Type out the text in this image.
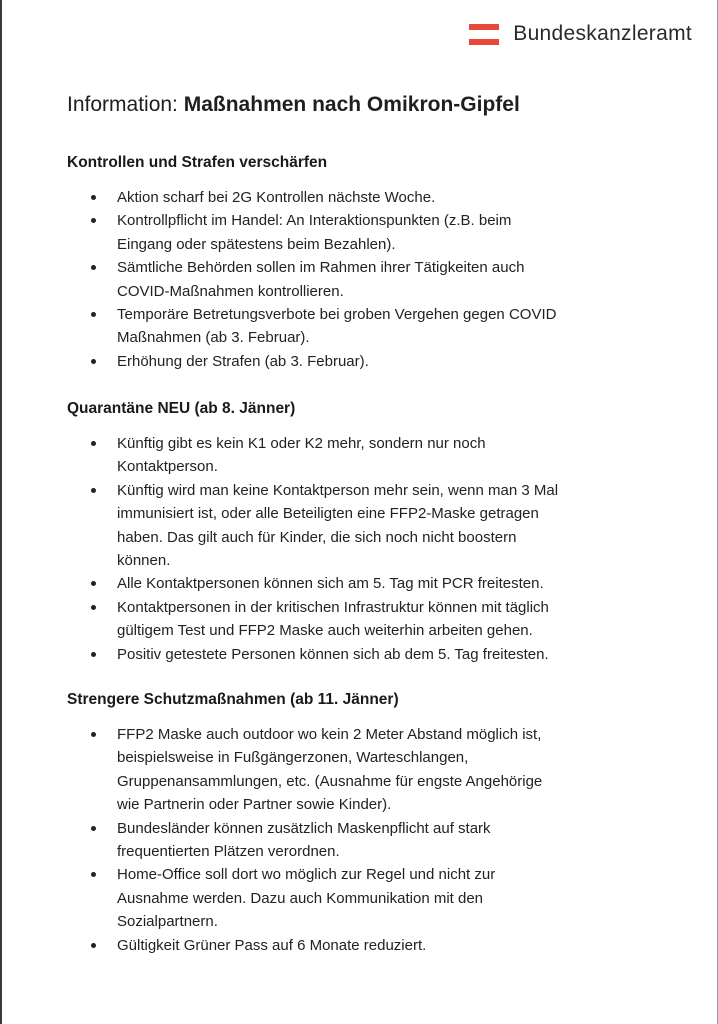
Bundeskanzleramt
Information: Maßnahmen nach Omikron-Gipfel
Kontrollen und Strafen verschärfen
Aktion scharf bei 2G Kontrollen nächste Woche.
Kontrollpflicht im Handel: An Interaktionspunkten (z.B. beim
Eingang oder spätestens beim Bezahlen).
Sämtliche Behörden sollen im Rahmen ihrer Tätigkeiten auch
COVID-Maßnahmen kontrollieren.
Temporäre Betretungsverbote bei groben Vergehen gegen COVID
Maßnahmen (ab 3. Februar).
Erhöhung der Strafen (ab 3. Februar).
Quarantäne NEU (ab 8. Jänner)
Künftig gibt es kein K1 oder K2 mehr, sondern nur noch
Kontaktperson.
Künftig wird man keine Kontaktperson mehr sein, wenn man 3 Mal
immunisiert ist, oder alle Beteiligten eine FFP2-Maske getragen
haben. Das gilt auch für Kinder, die sich noch nicht boostern
können.
Alle Kontaktpersonen können sich am 5. Tag mit PCR freitesten.
Kontaktpersonen in der kritischen Infrastruktur können mit täglich
gültigem Test und FFP2 Maske auch weiterhin arbeiten gehen.
Positiv getestete Personen können sich ab dem 5. Tag freitesten.
Strengere Schutzmaßnahmen (ab 11. Jänner)
FFP2 Maske auch outdoor wo kein 2 Meter Abstand möglich ist,
beispielsweise in Fußgängerzonen, Warteschlangen,
Gruppenansammlungen, etc. (Ausnahme für engste Angehörige
wie Partnerin oder Partner sowie Kinder).
Bundesländer können zusätzlich Maskenpflicht auf stark
frequentierten Plätzen verordnen.
Home-Office soll dort wo möglich zur Regel und nicht zur
Ausnahme werden. Dazu auch Kommunikation mit den
Sozialpartnern.
Gültigkeit Grüner Pass auf 6 Monate reduziert.
